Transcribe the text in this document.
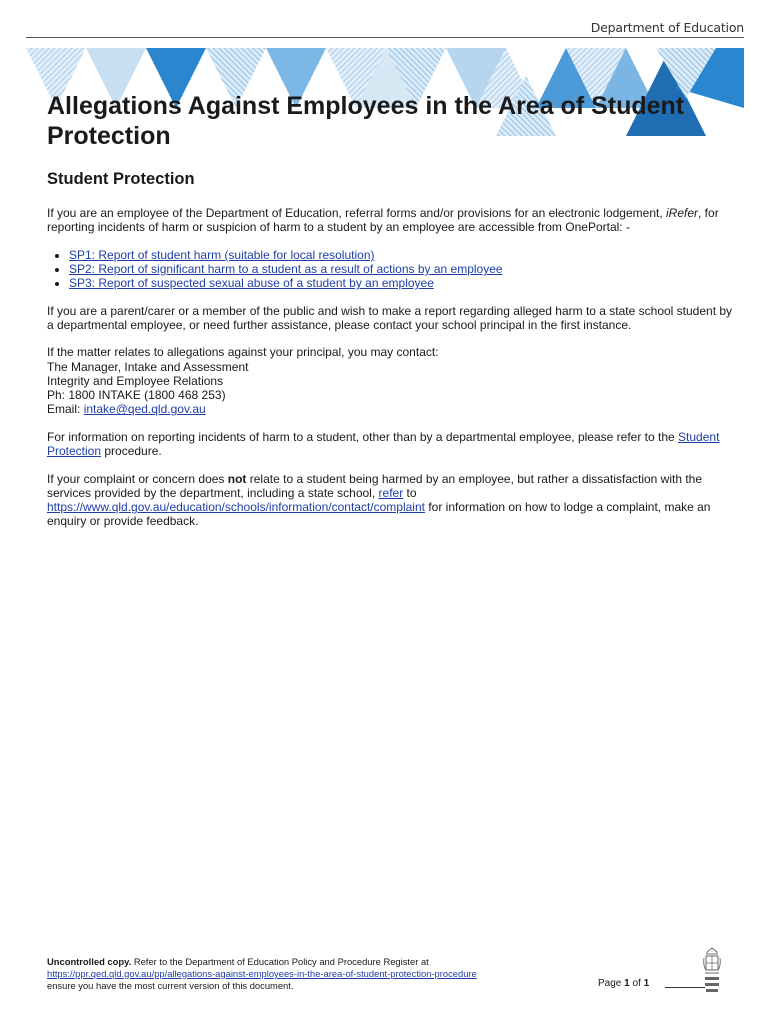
Department of Education
Allegations Against Employees in the Area of Student Protection
Student Protection

If you are an employee of the Department of Education, referral forms and/or provisions for an electronic lodgement, iRefer, for reporting incidents of harm or suspicion of harm to a student by an employee are accessible from OnePortal: -

• SP1: Report of student harm (suitable for local resolution)
• SP2: Report of significant harm to a student as a result of actions by an employee
• SP3: Report of suspected sexual abuse of a student by an employee

If you are a parent/carer or a member of the public and wish to make a report regarding alleged harm to a state school student by a departmental employee, or need further assistance, please contact your school principal in the first instance.

If the matter relates to allegations against your principal, you may contact:
The Manager, Intake and Assessment
Integrity and Employee Relations
Ph: 1800 INTAKE (1800 468 253)
Email: intake@qed.qld.gov.au

For information on reporting incidents of harm to a student, other than by a departmental employee, please refer to the Student Protection procedure.

If your complaint or concern does not relate to a student being harmed by an employee, but rather a dissatisfaction with the services provided by the department, including a state school, refer to
https://www.qld.gov.au/education/schools/information/contact/complaint for information on how to lodge a complaint, make an enquiry or provide feedback.

Uncontrolled copy. Refer to the Department of Education Policy and Procedure Register at
https://ppr.qed.qld.gov.au/pp/allegations-against-employees-in-the-area-of-student-protection-procedure
ensure you have the most current version of this document.	Page 1 of 1
